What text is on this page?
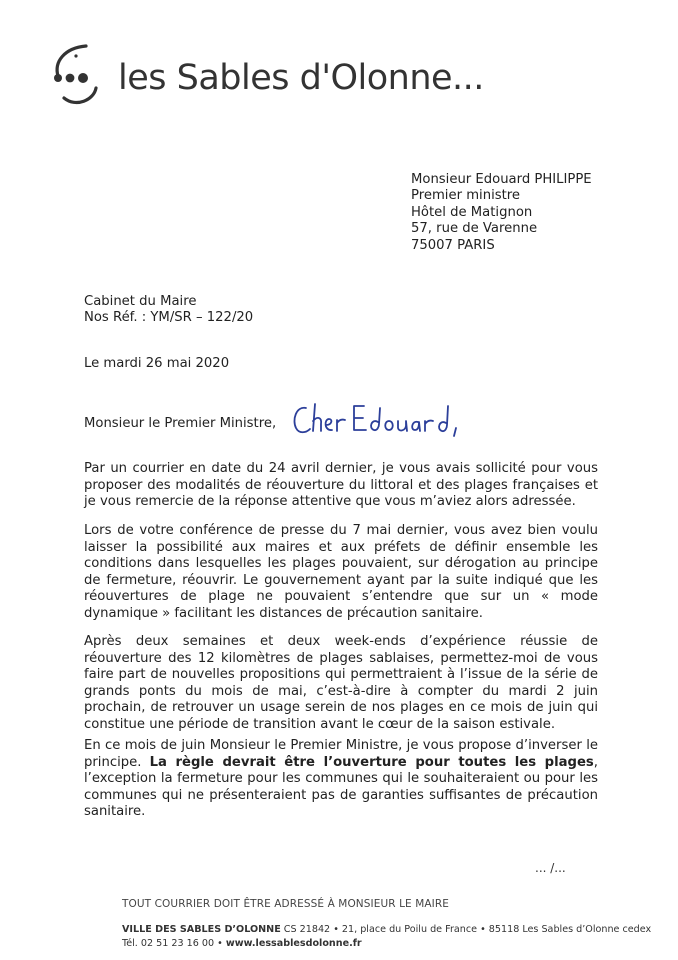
les Sables d'Olonne...
Monsieur Edouard PHILIPPE
Premier ministre
Hôtel de Matignon
57, rue de Varenne
75007 PARIS
Cabinet du Maire
Nos Réf. : YM/SR – 122/20
Le mardi 26 mai 2020
Monsieur le Premier Ministre,

Par un courrier en date du 24 avril dernier, je vous avais sollicité pour vous proposer des modalités de réouverture du littoral et des plages françaises et je vous remercie de la réponse attentive que vous m’aviez alors adressée.

Lors de votre conférence de presse du 7 mai dernier, vous avez bien voulu laisser la possibilité aux maires et aux préfets de définir ensemble les conditions dans lesquelles les plages pouvaient, sur dérogation au principe de fermeture, réouvrir. Le gouvernement ayant par la suite indiqué que les réouvertures de plage ne pouvaient s’entendre que sur un « mode dynamique » facilitant les distances de précaution sanitaire.

Après deux semaines et deux week-ends d’expérience réussie de réouverture des 12 kilomètres de plages sablaises, permettez-moi de vous faire part de nouvelles propositions qui permettraient à l’issue de la série de grands ponts du mois de mai, c’est-à-dire à compter du mardi 2 juin prochain, de retrouver un usage serein de nos plages en ce mois de juin qui constitue une période de transition avant le cœur de la saison estivale.

En ce mois de juin Monsieur le Premier Ministre, je vous propose d’inverser le principe. La règle devrait être l’ouverture pour toutes les plages, l’exception la fermeture pour les communes qui le souhaiteraient ou pour les communes qui ne présenteraient pas de garanties suffisantes de précaution sanitaire.

... /...
TOUT COURRIER DOIT ÊTRE ADRESSÉ À MONSIEUR LE MAIRE
VILLE DES SABLES D’OLONNE CS 21842 • 21, place du Poilu de France • 85118 Les Sables d’Olonne cedex
Tél. 02 51 23 16 00 • www.lessablesdolonne.fr
